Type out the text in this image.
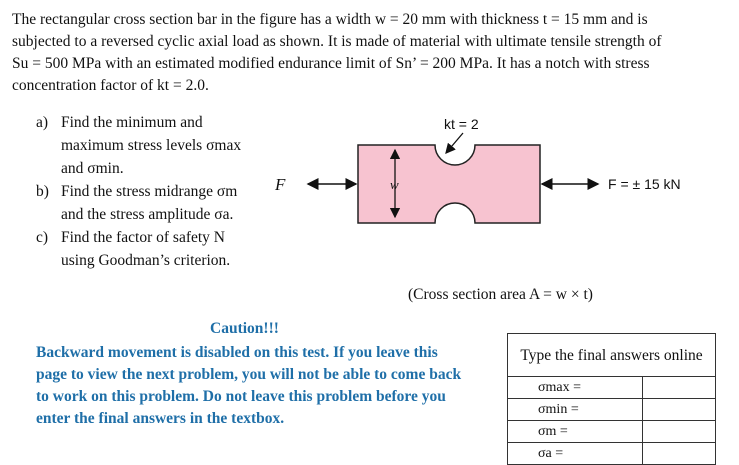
The rectangular cross section bar in the figure has a width w = 20 mm with thickness t = 15 mm and is
subjected to a reversed cyclic axial load as shown. It is made of material with ultimate tensile strength of
Su = 500 MPa with an estimated modified endurance limit of Sn’ = 200 MPa. It has a notch with stress
concentration factor of kt = 2.0.
a) Find the minimum and
maximum stress levels σmax
and σmin.
b) Find the stress midrange σm
and the stress amplitude σa.
c) Find the factor of safety N
using Goodman’s criterion.
kt = 2
F	w	F = ± 15 kN
(Cross section area A = w × t)
Caution!!!
Backward movement is disabled on this test. If you leave this
page to view the next problem, you will not be able to come back
to work on this problem. Do not leave this problem before you
enter the final answers in the textbox.
Type the final answers online	
σmax =	
σmin =	
σm =	
σa =	
